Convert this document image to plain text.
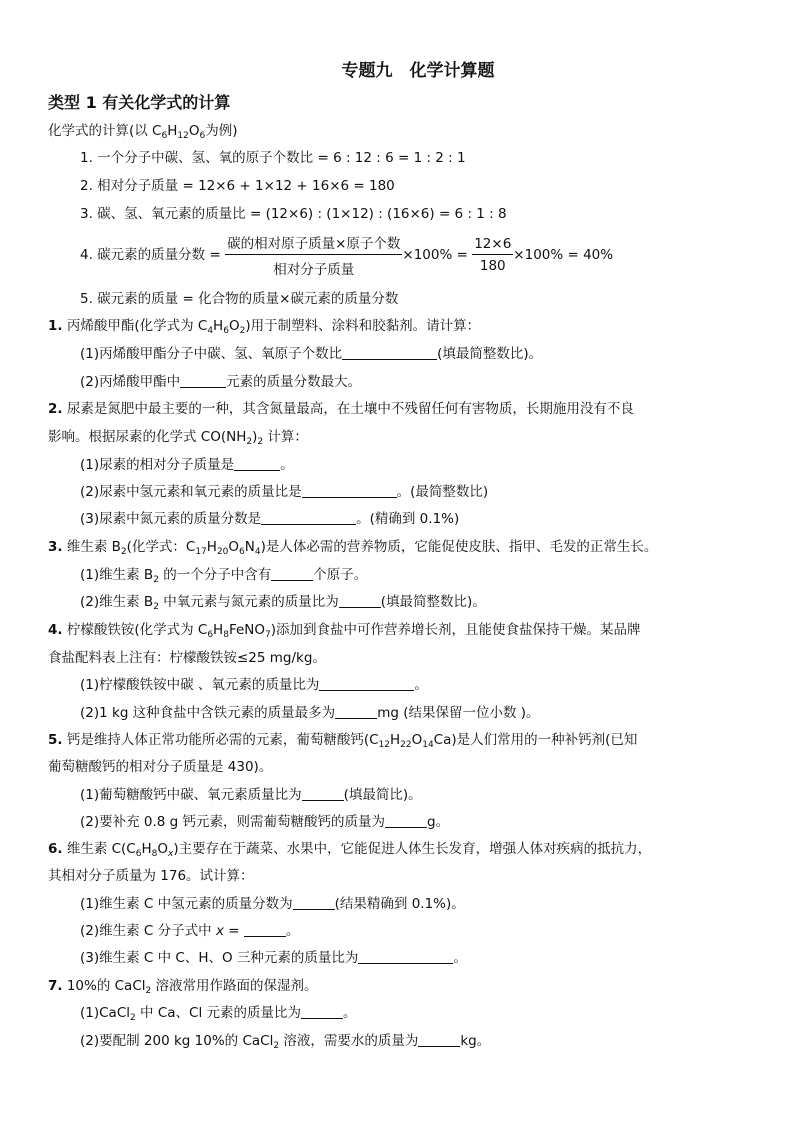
专题九　化学计算题
类型 1 有关化学式的计算
化学式的计算(以 $C_6H_{12}O_6$为例)
1. 一个分子中碳、氢、氧的原子个数比 = 6 : 12 : 6 = 1 : 2 : 1
2. 相对分子质量 = 12×6 + 1×12 + 16×6 = 180
3. 碳、氢、氧元素的质量比 = (12×6) : (1×12) : (16×6) = 6 : 1 : 8
4. 碳元素的质量分数 = $\frac{\text{碳的相对原子质量×原子个数}}{\text{相对分子质量}} \times 100\% = \frac{12\times 6}{180} \times 100\% = 40\%$
5. 碳元素的质量 = 化合物的质量×碳元素的质量分数
1. 丙烯酸甲酯(化学式为 $C_4H_6O_2$)用于制塑料、涂料和胶黏剂。请计算：
(1)丙烯酸甲酯分子中碳、氢、氧原子个数比	(填最简整数比)。
(2)丙烯酸甲酯中	元素的质量分数最大。
2. 尿素是氮肥中最主要的一种，其含氮量最高，在土壤中不残留任何有害物质，长期施用没有不良
影响。根据尿素的化学式 $CO(NH_2)_2$ 计算：
(1)尿素的相对分子质量是	。
(2)尿素中氢元素和氧元素的质量比是	。(最简整数比)
(3)尿素中氮元素的质量分数是	。(精确到 0.1%)
3. 维生素 $B_2$(化学式：$C_{17}H_{20}O_6N_4$)是人体必需的营养物质，它能促使皮肤、指甲、毛发的正常生长。
(1)维生素 $B_2$ 的一个分子中含有	个原子。
(2)维生素 $B_2$ 中氧元素与氮元素的质量比为	(填最简整数比)。
4. 柠檬酸铁铵(化学式为 $C_6H_8FeNO_7$)添加到食盐中可作营养增长剂，且能使食盐保持干燥。某品牌
食盐配料表上注有：柠檬酸铁铵≤25 mg/kg。
(1)柠檬酸铁铵中碳 、氧元素的质量比为	。
(2)1 kg 这种食盐中含铁元素的质量最多为	mg (结果保留一位小数 )。
5. 钙是维持人体正常功能所必需的元素，葡萄糖酸钙$(C_{12}H_{22}O_{14}Ca)$是人们常用的一种补钙剂(已知
葡萄糖酸钙的相对分子质量是 430)。
(1)葡萄糖酸钙中碳、氧元素质量比为	(填最简比)。
(2)要补充 0.8 g 钙元素，则需葡萄糖酸钙的质量为	g。
6. 维生素 $C(C_6H_8O_x)$主要存在于蔬菜、水果中，它能促进人体生长发育，增强人体对疾病的抵抗力，
其相对分子质量为 176。试计算：
(1)维生素 C 中氢元素的质量分数为	(结果精确到 0.1%)。
(2)维生素 C 分子式中 x =	。
(3)维生素 C 中 C、H、O 三种元素的质量比为	。
7. 10%的 CaCl$_2$ 溶液常用作路面的保湿剂。
(1)CaCl$_2$ 中 Ca、Cl 元素的质量比为	。
(2)要配制 200 kg 10%的 CaCl$_2$ 溶液，需要水的质量为	kg。
